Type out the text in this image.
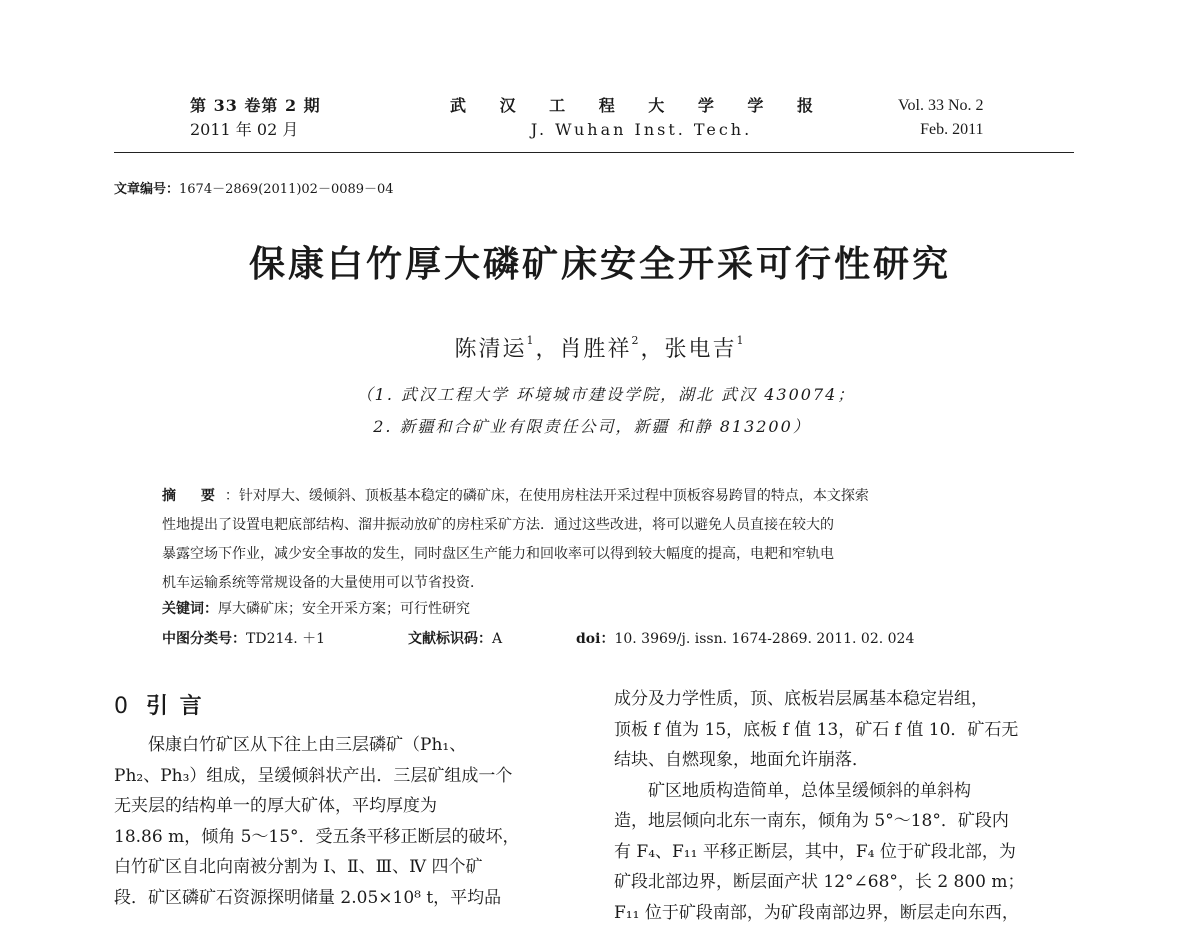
第 33 卷第 2 期
2011 年 02 月
武 汉 工 程 大 学 学 报
J. Wuhan Inst. Tech.
Vol. 33 No. 2
Feb. 2011
文章编号：1674－2869(2011)02－0089－04
保康白竹厚大磷矿床安全开采可行性研究
陈清运$^1$，肖胜祥$^2$，张电吉$^1$
（1. 武汉工程大学 环境城市建设学院，湖北 武汉 430074；
2. 新疆和合矿业有限责任公司，新疆 和静 813200）
摘 要：针对厚大、缓倾斜、顶板基本稳定的磷矿床，在使用房柱法开采过程中顶板容易跨冒的特点，本文探索
性地提出了设置电耙底部结构、溜井振动放矿的房柱采矿方法．通过这些改进，将可以避免人员直接在较大的
暴露空场下作业，减少安全事故的发生，同时盘区生产能力和回收率可以得到较大幅度的提高，电耙和窄轨电
机车运输系统等常规设备的大量使用可以节省投资．
关键词：厚大磷矿床；安全开采方案；可行性研究
中图分类号：TD214. ＋1	文献标识码：A	doi：10. 3969/j. issn. 1674-2869. 2011. 02. 024
0 引 言
保康白竹矿区从下往上由三层磷矿（Ph₁、
Ph₂、Ph₃）组成，呈缓倾斜状产出．三层矿组成一个
无夹层的结构单一的厚大矿体，平均厚度为
18.86 m，倾角 5～15°．受五条平移正断层的破坏，
白竹矿区自北向南被分割为 Ⅰ、Ⅱ、Ⅲ、Ⅳ 四个矿
段．矿区磷矿石资源探明储量 2.05×10⁸ t，平均品
成分及力学性质，顶、底板岩层属基本稳定岩组，
顶板 f 值为 15，底板 f 值 13，矿石 f 值 10．矿石无
结块、自燃现象，地面允许崩落．
矿区地质构造简单，总体呈缓倾斜的单斜构
造，地层倾向北东一南东，倾角为 5°～18°．矿段内
有 F₄、F₁₁ 平移正断层，其中，F₄ 位于矿段北部，为
矿段北部边界，断层面产状 12°∠68°，长 2 800 m；
F₁₁ 位于矿段南部，为矿段南部边界，断层走向东西，
